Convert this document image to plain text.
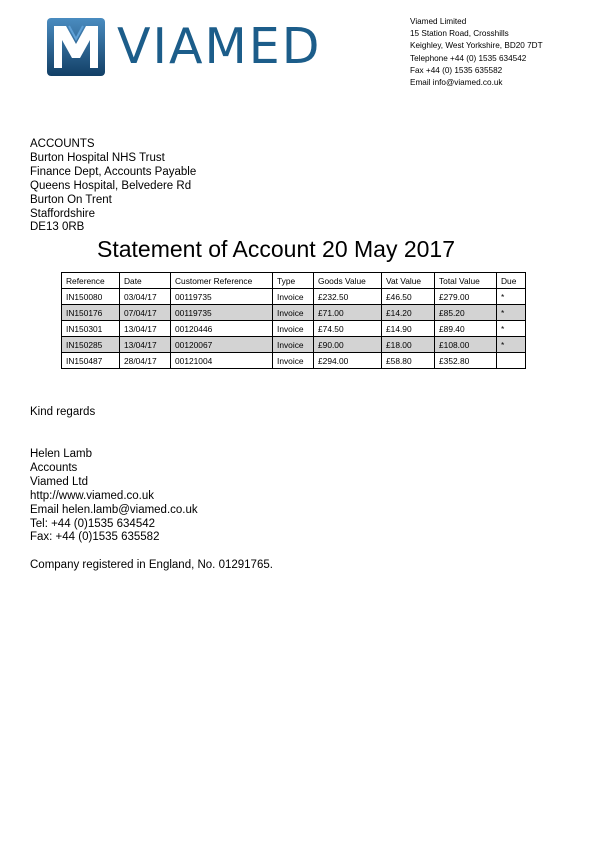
VIAMED	Viamed Limited
15 Station Road, Crosshills
Keighley, West Yorkshire, BD20 7DT
Telephone +44 (0) 1535 634542
Fax +44 (0) 1535 635582
Email info@viamed.co.uk
ACCOUNTS
Burton Hospital NHS Trust
Finance Dept, Accounts Payable
Queens Hospital, Belvedere Rd
Burton On Trent
Staffordshire
DE13 0RB
Statement of Account 20 May 2017
Reference	Date	Customer Reference	Type	Goods Value	Vat Value	Total Value	Due
IN150080	03/04/17	00119735	Invoice	£232.50	£46.50	£279.00	*
IN150176	07/04/17	00119735	Invoice	£71.00	£14.20	£85.20	*
IN150301	13/04/17	00120446	Invoice	£74.50	£14.90	£89.40	*
IN150285	13/04/17	00120067	Invoice	£90.00	£18.00	£108.00	*
IN150487	28/04/17	00121004	Invoice	£294.00	£58.80	£352.80	
Kind regards
Helen Lamb
Accounts
Viamed Ltd
http://www.viamed.co.uk
Email helen.lamb@viamed.co.uk
Tel: +44 (0)1535 634542
Fax: +44 (0)1535 635582
Company registered in England, No. 01291765.
